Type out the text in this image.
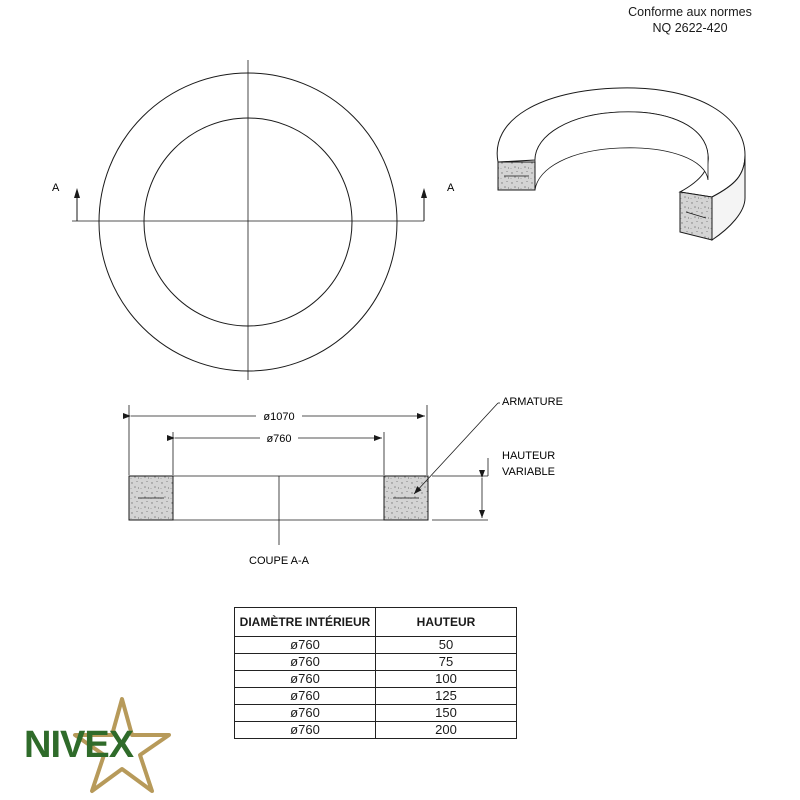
Conforme aux normes
NQ 2622-420
A	A
ø1070
ø760
ARMATURE
HAUTEUR
VARIABLE
COUPE A-A
DIAMÈTRE INTÉRIEUR	HAUTEUR
ø760	50
ø760	75
ø760	100
ø760	125
ø760	150
ø760	200
NIVEX
